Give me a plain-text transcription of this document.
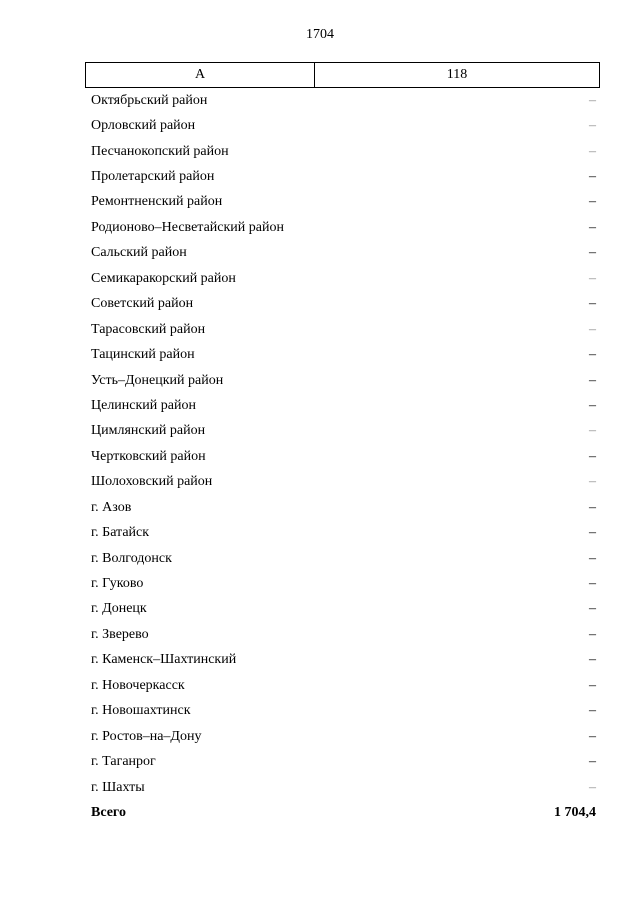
1704
А	118
Октябрьский район	–
Орловский район	–
Песчанокопский район	–
Пролетарский район	–
Ремонтненский район	–
Родионово–Несветайский район	–
Сальский район	–
Семикаракорский район	–
Советский район	–
Тарасовский район	–
Тацинский район	–
Усть–Донецкий район	–
Целинский район	–
Цимлянский район	–
Чертковский район	–
Шолоховский район	–
г. Азов	–
г. Батайск	–
г. Волгодонск	–
г. Гуково	–
г. Донецк	–
г. Зверево	–
г. Каменск–Шахтинский	–
г. Новочеркасск	–
г. Новошахтинск	–
г. Ростов–на–Дону	–
г. Таганрог	–
г. Шахты	–
Всего	1 704,4
